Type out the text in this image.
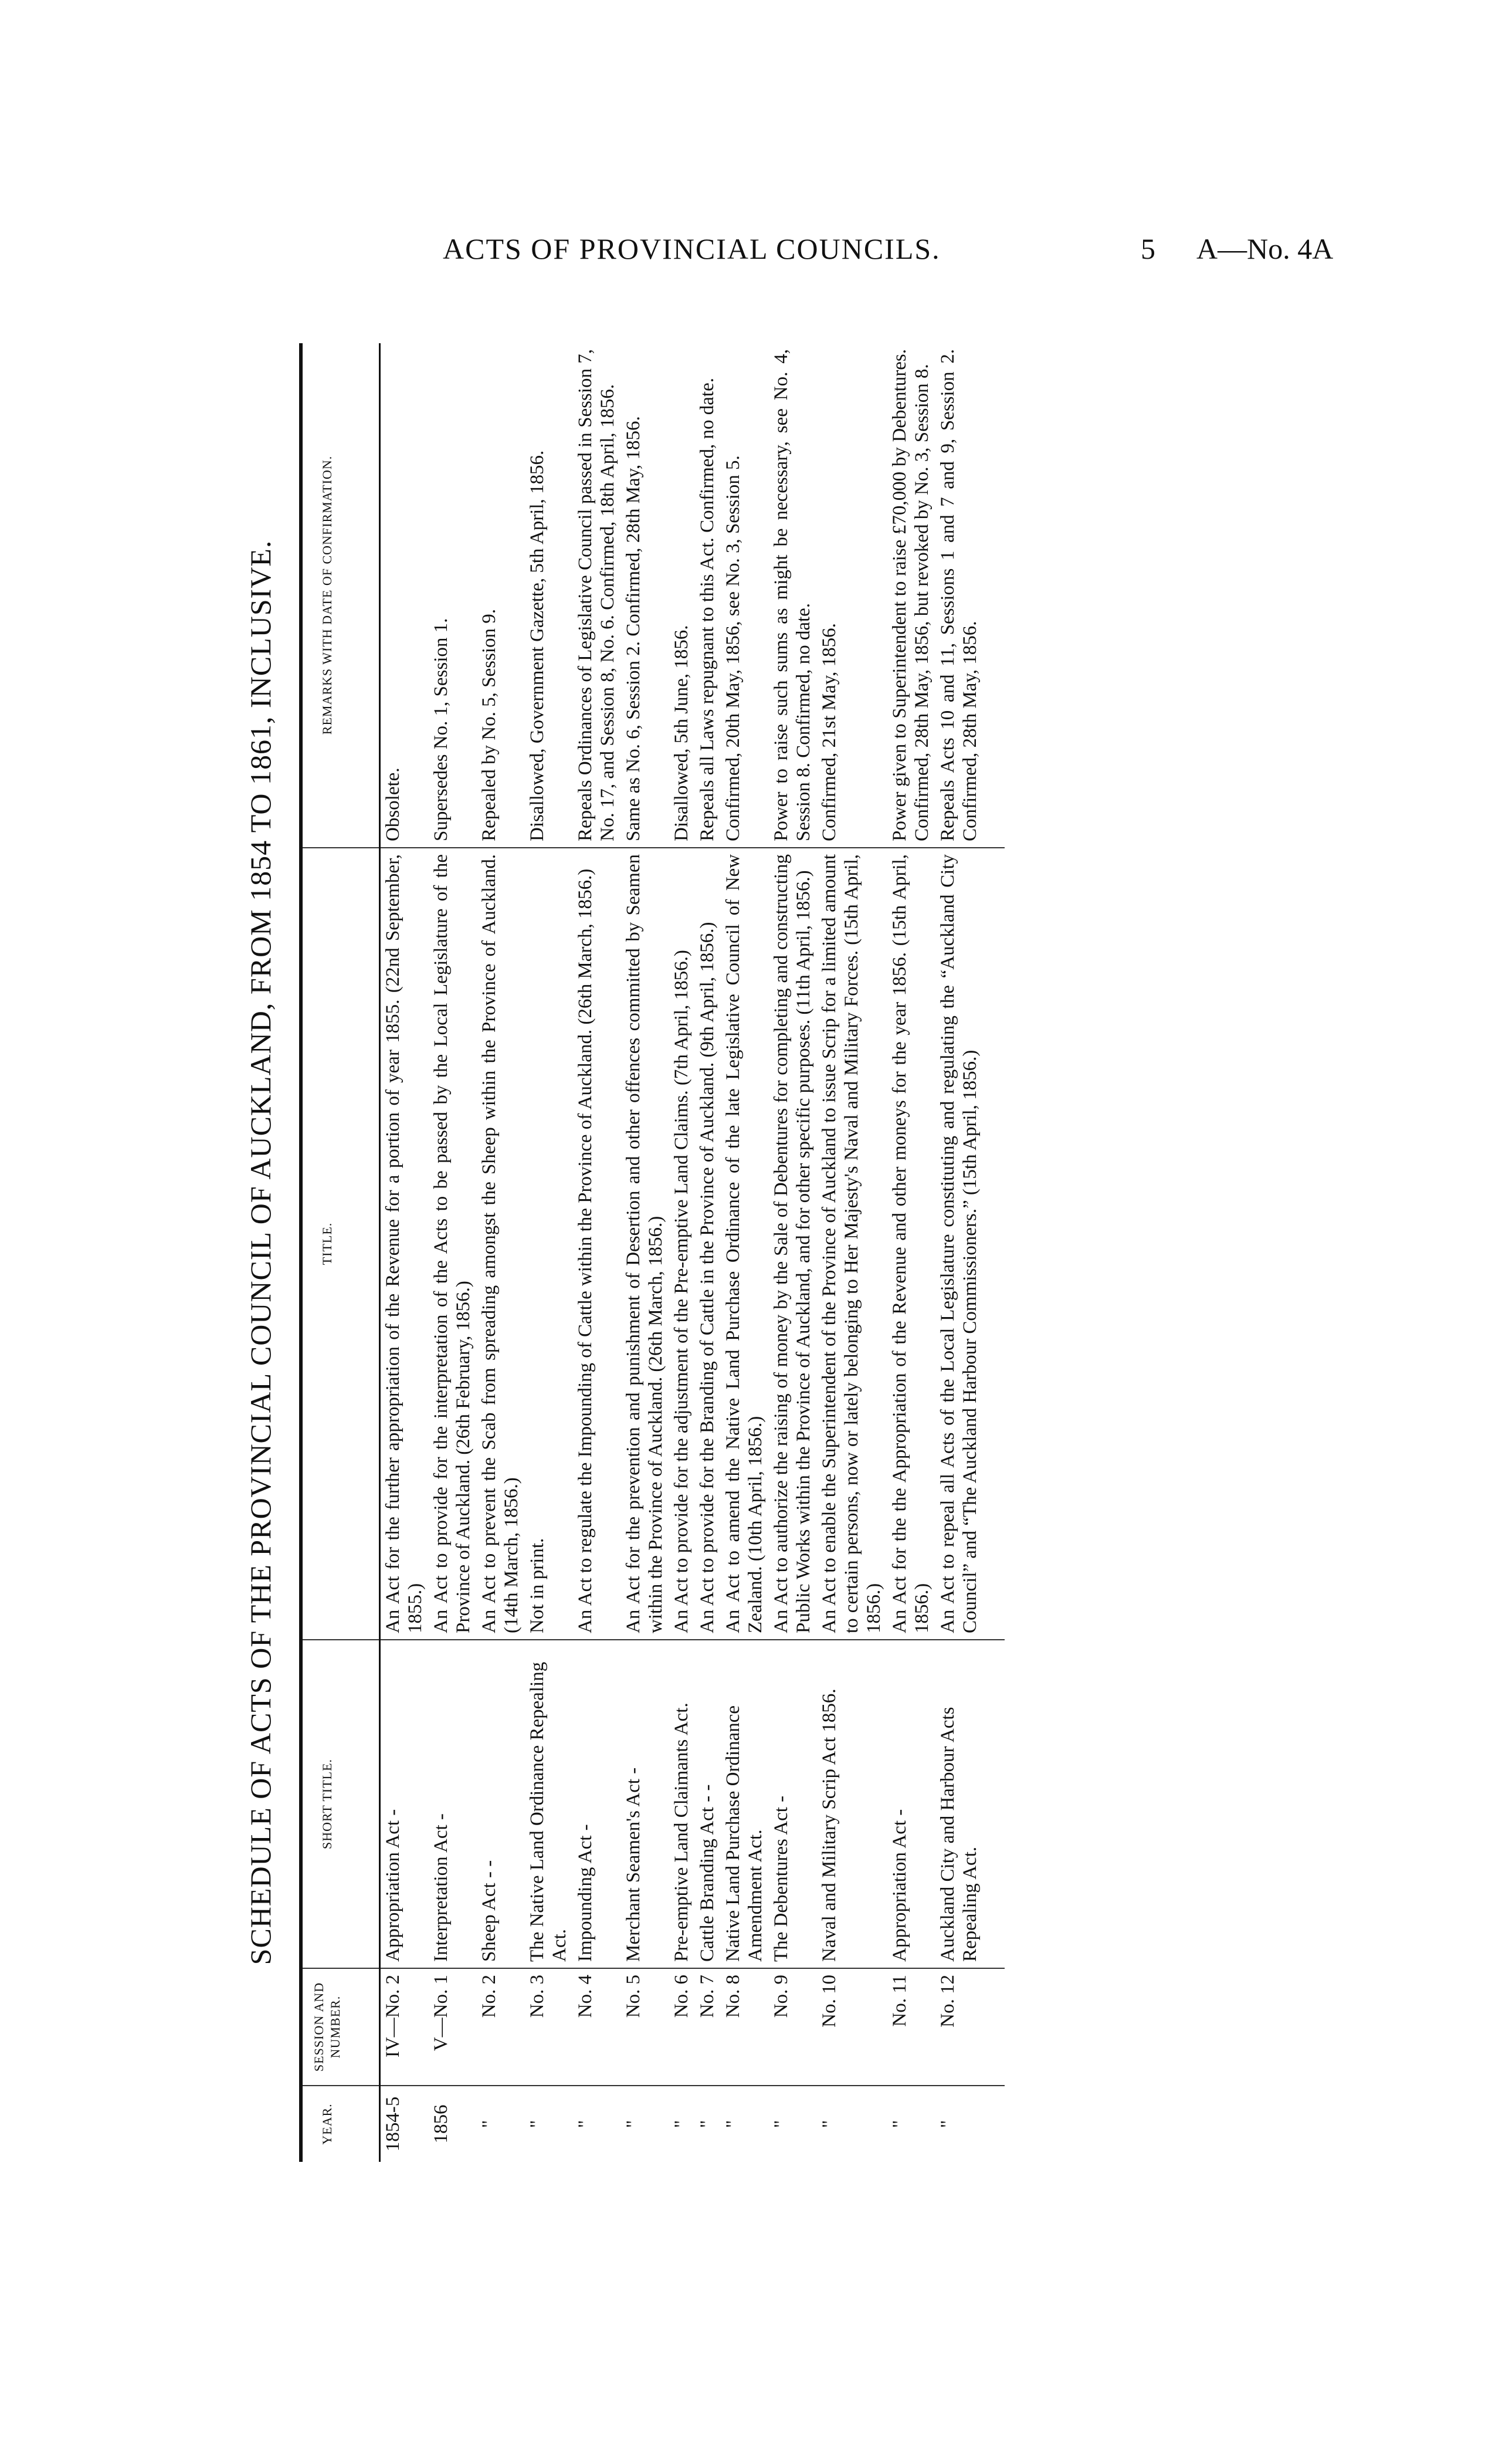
ACTS OF PROVINCIAL COUNCILS.	5 A—No. 4A
SCHEDULE OF ACTS OF THE PROVINCIAL COUNCIL OF AUCKLAND, FROM 1854 TO 1861, INCLUSIVE.
YEAR.	SESSION AND NUMBER.	SHORT TITLE.	TITLE.	REMARKS WITH DATE OF CONFIRMATION.
1854-5	IV—No. 2	Appropriation Act -	An Act for the further appropriation of the Revenue for a portion of year 1855. (22nd September, 1855.)	Obsolete.
1856	V—No. 1	Interpretation Act -	An Act to provide for the interpretation of the Acts to be passed by the Local Legislature of the Province of Auckland. (26th February, 1856.)	Supersedes No. 1, Session 1.
"	No. 2	Sheep Act - -	An Act to prevent the Scab from spreading amongst the Sheep within the Province of Auckland. (14th March, 1856.)	Repealed by No. 5, Session 9.
"	No. 3	The Native Land Ordinance Repealing Act.	Not in print.	Disallowed, Government Gazette, 5th April, 1856.
"	No. 4	Impounding Act -	An Act to regulate the Impounding of Cattle within the Province of Auckland. (26th March, 1856.)	Repeals Ordinances of Legislative Council passed in Session 7, No. 17, and Session 8, No. 6. Confirmed, 18th April, 1856.
"	No. 5	Merchant Seamen's Act -	An Act for the prevention and punishment of Desertion and other offences committed by Seamen within the Province of Auckland. (26th March, 1856.)	Same as No. 6, Session 2. Confirmed, 28th May, 1856.
"	No. 6	Pre-emptive Land Claimants Act.	An Act to provide for the adjustment of the Pre-emptive Land Claims. (7th April, 1856.)	Disallowed, 5th June, 1856.
"	No. 7	Cattle Branding Act - -	An Act to provide for the Branding of Cattle in the Province of Auckland. (9th April, 1856.)	Repeals all Laws repugnant to this Act. Confirmed, no date.
"	No. 8	Native Land Purchase Ordinance Amendment Act.	An Act to amend the Native Land Purchase Ordinance of the late Legislative Council of New Zealand. (10th April, 1856.)	Confirmed, 20th May, 1856, see No. 3, Session 5.
"	No. 9	The Debentures Act -	An Act to authorize the raising of money by the Sale of Debentures for completing and constructing Public Works within the Province of Auckland, and for other specific purposes. (11th April, 1856.)	Power to raise such sums as might be necessary, see No. 4, Session 8. Confirmed, no date.
"	No. 10	Naval and Military Scrip Act 1856.	An Act to enable the Superintendent of the Province of Auckland to issue Scrip for a limited amount to certain persons, now or lately belonging to Her Majesty's Naval and Military Forces. (15th April, 1856.)	Confirmed, 21st May, 1856.
"	No. 11	Appropriation Act -	An Act for the the Appropriation of the Revenue and other moneys for the year 1856. (15th April, 1856.)	Power given to Superintendent to raise £70,000 by Debentures. Confirmed, 28th May, 1856, but revoked by No. 3, Session 8.
"	No. 12	Auckland City and Harbour Acts Repealing Act.	An Act to repeal all Acts of the Local Legislature constituting and regulating the “Auckland City Council” and “The Auckland Harbour Commissioners.” (15th April, 1856.)	Repeals Acts 10 and 11, Sessions 1 and 7 and 9, Session 2. Confirmed, 28th May, 1856.
